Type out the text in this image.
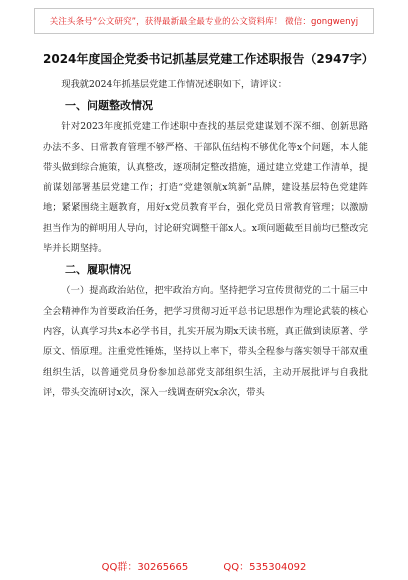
关注头条号“公文研究”，获得最新最全最专业的公文资料库！ 微信：gongwenyj
2024年度国企党委书记抓基层党建工作述职报告（2947字）

现我就2024年抓基层党建工作情况述职如下，请评议：

一、问题整改情况

针对2023年度抓党建工作述职中查找的基层党建谋划不深不细、创新思路办法不多、日常教育管理不够严格、干部队伍结构不够优化等x个问题，本人能带头做到综合施策，认真整改，逐项制定整改措施，通过建立党建工作清单，提前谋划部署基层党建工作；打造“党建领航x筑新”品牌，建设基层特色党建阵地；紧紧围绕主题教育，用好x党员教育平台，强化党员日常教育管理；以激励担当作为的鲜明用人导向，讨论研究调整干部x人。x项问题截至目前均已整改完毕并长期坚持。

二、履职情况

（一）提高政治站位，把牢政治方向。坚持把学习宣传贯彻党的二十届三中全会精神作为首要政治任务，把学习贯彻习近平总书记思想作为理论武装的核心内容，认真学习共x本必学书目，扎实开展为期x天读书班，真正做到读原著、学原文、悟原理。注重党性锤炼，坚持以上率下，带头全程参与落实领导干部双重组织生活，以普通党员身份参加总部党支部组织生活，主动开展批评与自我批评，带头交流研讨x次，深入一线调查研究x余次，带头

QQ群：30265665	QQ：535304092
